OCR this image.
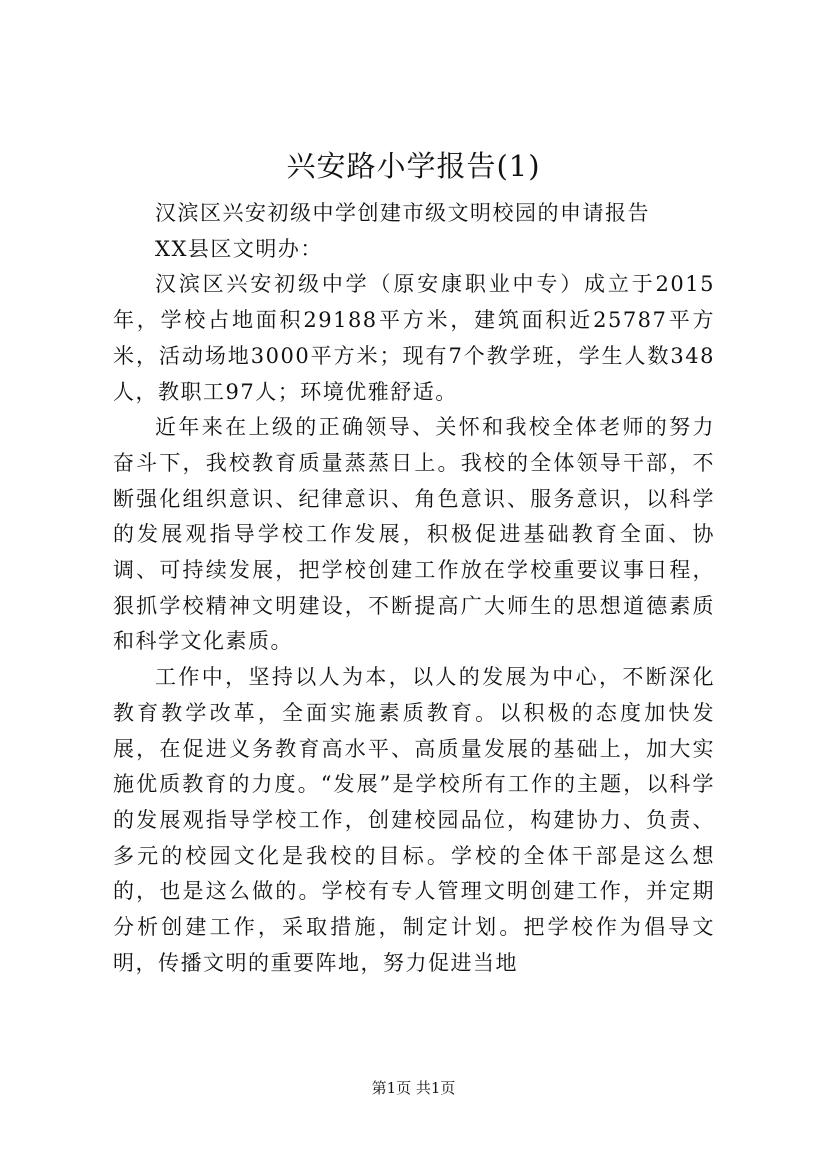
兴安路小学报告(1)

汉滨区兴安初级中学创建市级文明校园的申请报告

XX县区文明办：

汉滨区兴安初级中学（原安康职业中专）成立于2015年，学校占地面积29188平方米，建筑面积近25787平方米，活动场地3000平方米；现有7个教学班，学生人数348人，教职工97人；环境优雅舒适。

近年来在上级的正确领导、关怀和我校全体老师的努力奋斗下，我校教育质量蒸蒸日上。我校的全体领导干部，不断强化组织意识、纪律意识、角色意识、服务意识，以科学的发展观指导学校工作发展，积极促进基础教育全面、协调、可持续发展，把学校创建工作放在学校重要议事日程，狠抓学校精神文明建设，不断提高广大师生的思想道德素质和科学文化素质。

工作中，坚持以人为本，以人的发展为中心，不断深化教育教学改革，全面实施素质教育。以积极的态度加快发展，在促进义务教育高水平、高质量发展的基础上，加大实施优质教育的力度。“发展”是学校所有工作的主题，以科学的发展观指导学校工作，创建校园品位，构建协力、负责、多元的校园文化是我校的目标。学校的全体干部是这么想的，也是这么做的。学校有专人管理文明创建工作，并定期分析创建工作，采取措施，制定计划。把学校作为倡导文明，传播文明的重要阵地，努力促进当地

第1页 共1页
